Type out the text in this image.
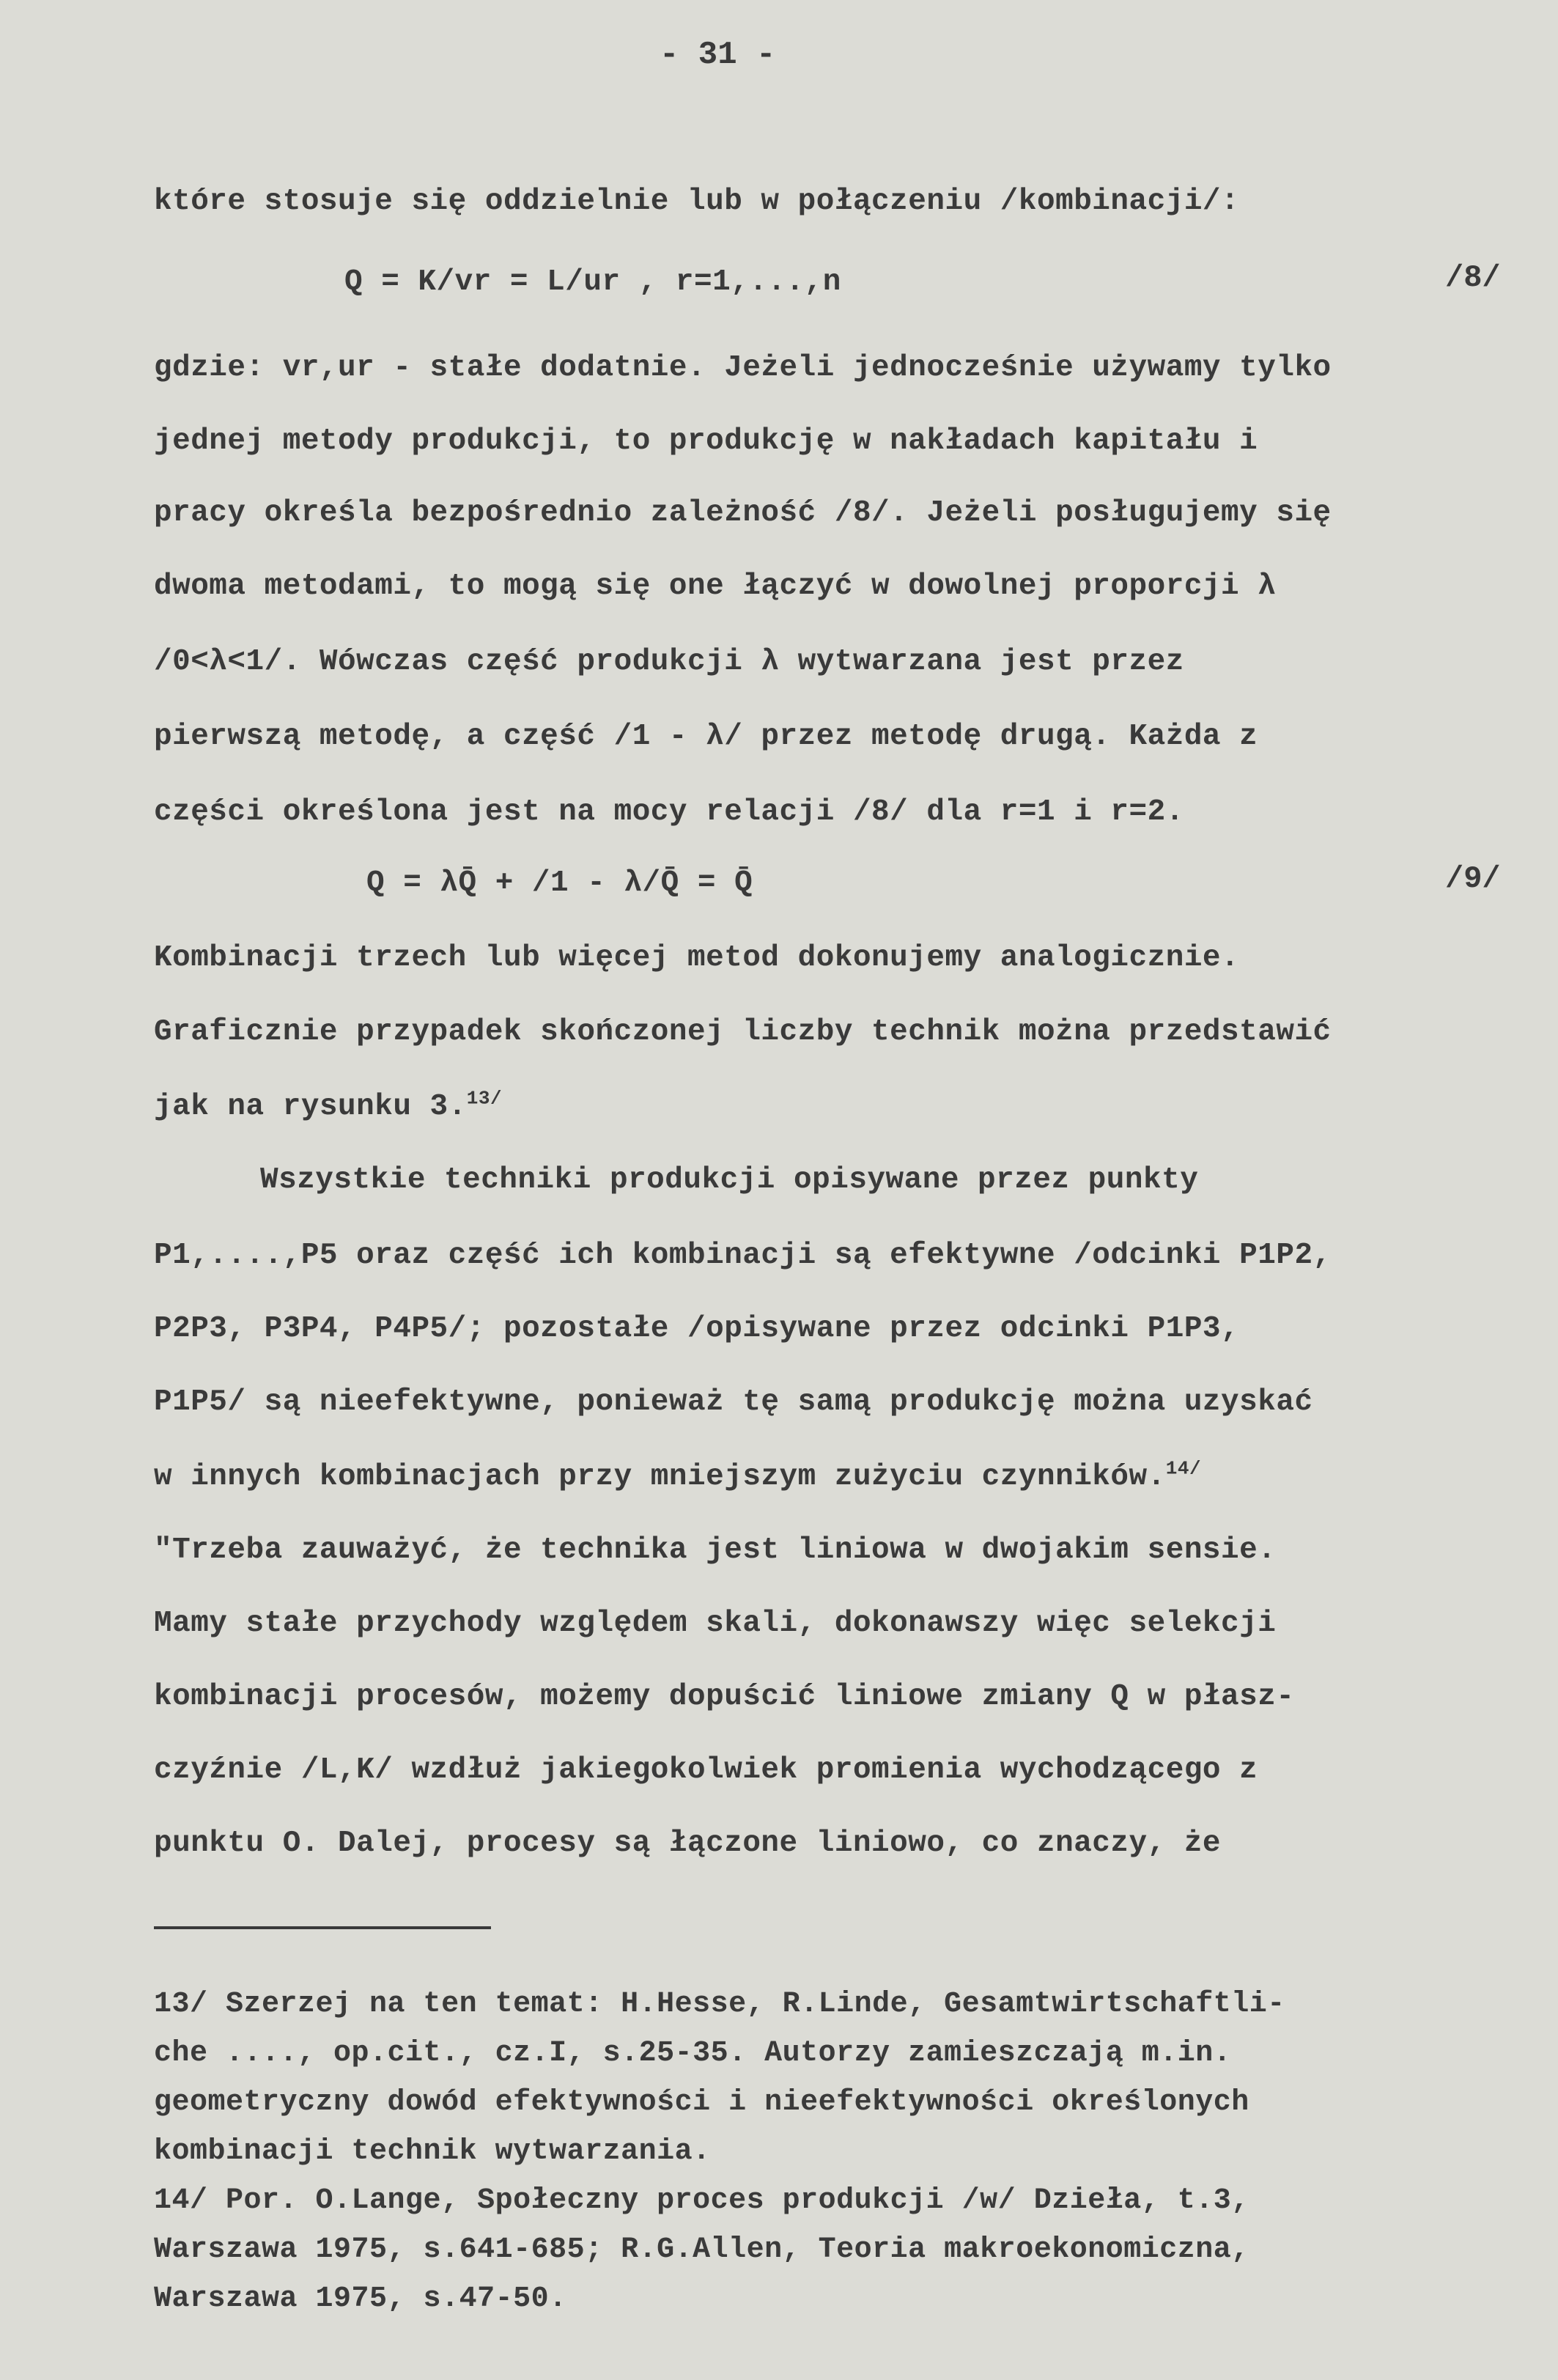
- 31 -
które stosuje się oddzielnie lub w połączeniu /kombinacji/:
Q = K/vr = L/ur , r=1,...,n	/8/
gdzie: vr,ur - stałe dodatnie. Jeżeli jednocześnie używamy tylko
jednej metody produkcji, to produkcję w nakładach kapitału i
pracy określa bezpośrednio zależność /8/. Jeżeli posługujemy się
dwoma metodami, to mogą się one łączyć w dowolnej proporcji λ
/0<λ<1/. Wówczas część produkcji λ wytwarzana jest przez
pierwszą metodę, a część /1 - λ/ przez metodę drugą. Każda z
części określona jest na mocy relacji /8/ dla r=1 i r=2.
Q = λQ̄ + /1 - λ/Q̄ = Q̄	/9/
Kombinacji trzech lub więcej metod dokonujemy analogicznie.
Graficznie przypadek skończonej liczby technik można przedstawić
jak na rysunku 3.$^{13/}$
Wszystkie techniki produkcji opisywane przez punkty
P1,....,P5 oraz część ich kombinacji są efektywne /odcinki P1P2,
P2P3, P3P4, P4P5/; pozostałe /opisywane przez odcinki P1P3,
P1P5/ są nieefektywne, ponieważ tę samą produkcję można uzyskać
w innych kombinacjach przy mniejszym zużyciu czynników.$^{14/}$
"Trzeba zauważyć, że technika jest liniowa w dwojakim sensie.
Mamy stałe przychody względem skali, dokonawszy więc selekcji
kombinacji procesów, możemy dopuścić liniowe zmiany Q w płasz-
czyźnie /L,K/ wzdłuż jakiegokolwiek promienia wychodzącego z
punktu O. Dalej, procesy są łączone liniowo, co znaczy, że
13/ Szerzej na ten temat: H.Hesse, R.Linde, Gesamtwirtschaftli-
che ...., op.cit., cz.I, s.25-35. Autorzy zamieszczają m.in.
geometryczny dowód efektywności i nieefektywności określonych
kombinacji technik wytwarzania.
14/ Por. O.Lange, Społeczny proces produkcji /w/ Dzieła, t.3,
Warszawa 1975, s.641-685; R.G.Allen, Teoria makroekonomiczna,
Warszawa 1975, s.47-50.
